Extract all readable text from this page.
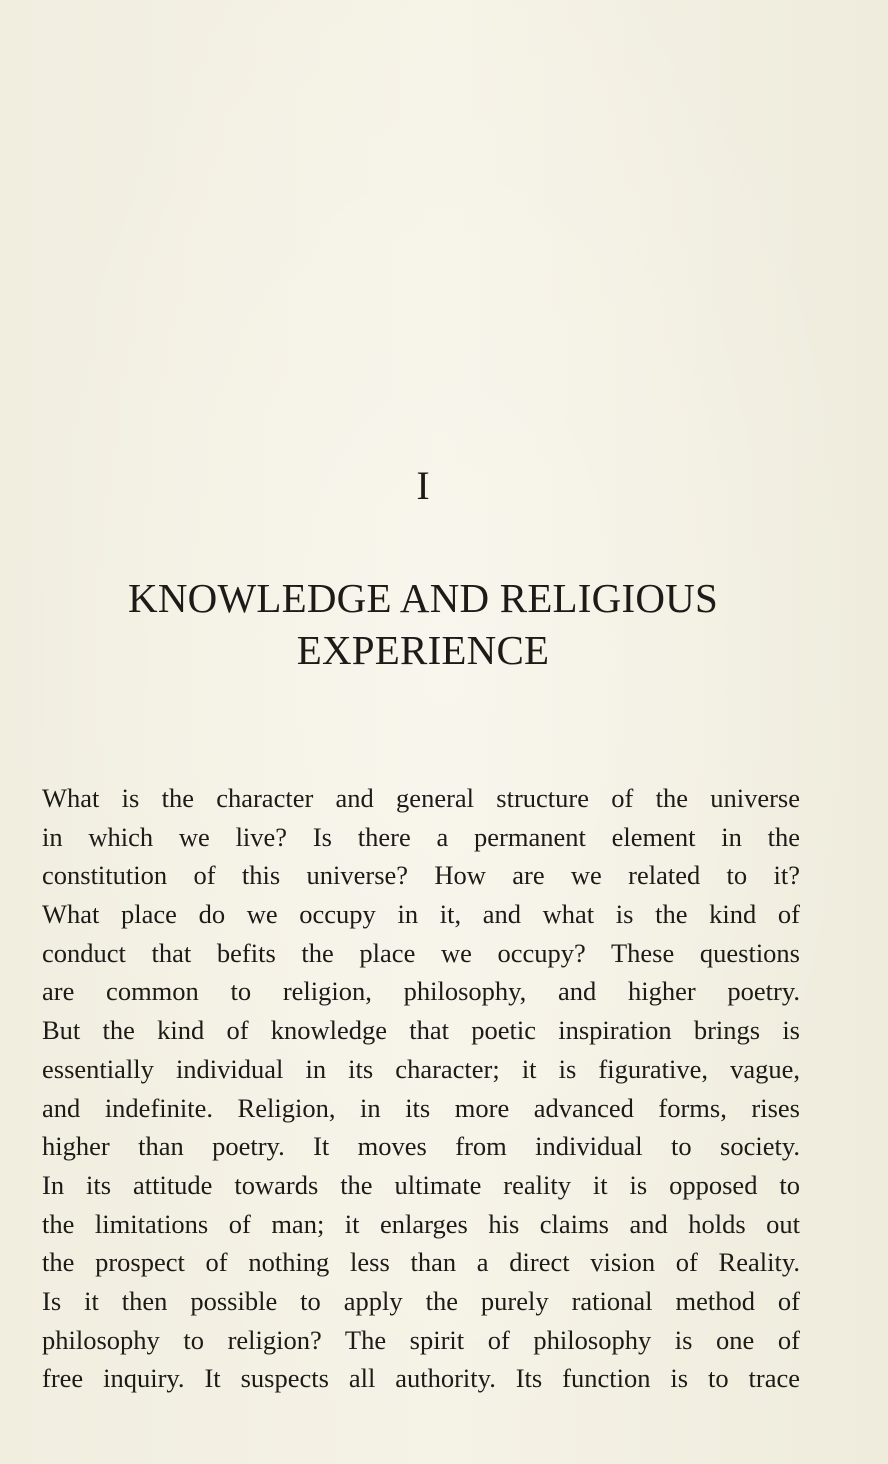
I
KNOWLEDGE AND RELIGIOUS
EXPERIENCE

What is the character and general structure of the universe
in which we live? Is there a permanent element in the
constitution of this universe? How are we related to it?
What place do we occupy in it, and what is the kind of
conduct that befits the place we occupy? These questions
are common to religion, philosophy, and higher poetry.
But the kind of knowledge that poetic inspiration brings is
essentially individual in its character; it is figurative, vague,
and indefinite. Religion, in its more advanced forms, rises
higher than poetry. It moves from individual to society.
In its attitude towards the ultimate reality it is opposed to
the limitations of man; it enlarges his claims and holds out
the prospect of nothing less than a direct vision of Reality.
Is it then possible to apply the purely rational method of
philosophy to religion? The spirit of philosophy is one of
free inquiry. It suspects all authority. Its function is to trace
